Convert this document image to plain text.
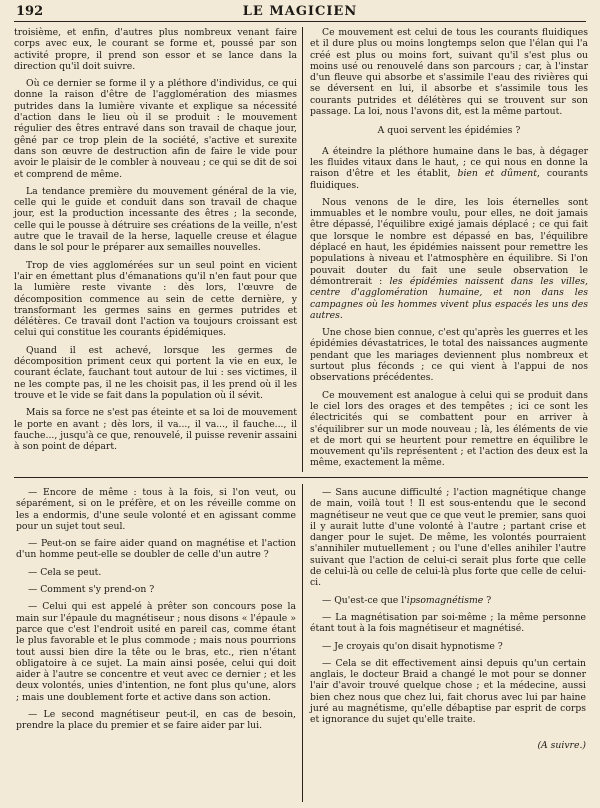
192	LE MAGICIEN

troisième, et enfin, d'autres plus nombreux venant faire corps avec eux, le courant se forme et, poussé par son activité propre, il prend son essor et se lance dans la direction qu'il doit suivre.

Où ce dernier se forme il y a pléthore d'individus, ce qui donne la raison d'être de l'agglomération des miasmes putrides dans la lumière vivante et explique sa nécessité d'action dans le lieu où il se produit : le mouvement régulier des êtres entravé dans son travail de chaque jour, gêné par ce trop plein de la société, s'active et surexite dans son œuvre de destruction afin de faire le vide pour avoir le plaisir de le combler à nouveau ; ce qui se dit de soi et comprend de même.

La tendance première du mouvement général de la vie, celle qui le guide et conduit dans son travail de chaque jour, est la production incessante des êtres ; la seconde, celle qui le pousse à détruire ses créations de la veille, n'est autre que le travail de la herse, laquelle creuse et élague dans le sol pour le préparer aux semailles nouvelles.

Trop de vies agglomérées sur un seul point en vicient l'air en émettant plus d'émanations qu'il n'en faut pour que la lumière reste vivante : dès lors, l'œuvre de décomposition commence au sein de cette dernière, y transformant les germes sains en germes putrides et délétères. Ce travail dont l'action va toujours croissant est celui qui constitue les courants épidémiques.

Quand il est achevé, lorsque les germes de décomposition priment ceux qui portent la vie en eux, le courant éclate, fauchant tout autour de lui : ses victimes, il ne les compte pas, il ne les choisit pas, il les prend où il les trouve et le vide se fait dans la population où il sévit.

Mais sa force ne s'est pas éteinte et sa loi de mouvement le porte en avant ; dès lors, il va..., il va..., il fauche..., il fauche..., jusqu'à ce que, renouvelé, il puisse revenir assaini à son point de départ.

Ce mouvement est celui de tous les courants fluidiques et il dure plus ou moins longtemps selon que l'élan qui l'a créé est plus ou moins fort, suivant qu'il s'est plus ou moins usé ou renouvelé dans son parcours ; car, à l'instar d'un fleuve qui absorbe et s'assimile l'eau des rivières qui se déversent en lui, il absorbe et s'assimile tous les courants putrides et délétères qui se trouvent sur son passage. La loi, nous l'avons dit, est la même partout.

A quoi servent les épidémies ?

A éteindre la pléthore humaine dans le bas, à dégager les fluides vitaux dans le haut, ; ce qui nous en donne la raison d'être et les établit, bien et dûment, courants fluidiques.

Nous venons de le dire, les lois éternelles sont immuables et le nombre voulu, pour elles, ne doit jamais être dépassé, l'équilibre exigé jamais déplacé ; ce qui fait que lorsque le nombre est dépassé en bas, l'équilibre déplacé en haut, les épidémies naissent pour remettre les populations à niveau et l'atmosphère en équilibre. Si l'on pouvait douter du fait une seule observation le démontrerait : les épidémies naissent dans les villes, centre d'agglomération humaine, et non dans les campagnes où les hommes vivent plus espacés les uns des autres.

Une chose bien connue, c'est qu'après les guerres et les épidémies dévastatrices, le total des naissances augmente pendant que les mariages deviennent plus nombreux et surtout plus féconds ; ce qui vient à l'appui de nos observations précédentes.

Ce mouvement est analogue à celui qui se produit dans le ciel lors des orages et des tempêtes ; ici ce sont les électricités qui se combattent pour en arriver à s'équilibrer sur un mode nouveau ; là, les éléments de vie et de mort qui se heurtent pour remettre en équilibre le mouvement qu'ils représentent ; et l'action des deux est la même, exactement la même.

— Encore de même : tous à la fois, si l'on veut, ou séparément, si on le préfère, et on les réveille comme on les a endormis, d'une seule volonté et en agissant comme pour un sujet tout seul.

— Peut-on se faire aider quand on magnétise et l'action d'un homme peut-elle se doubler de celle d'un autre ?

— Cela se peut.

— Comment s'y prend-on ?

— Celui qui est appelé à prêter son concours pose la main sur l'épaule du magnétiseur ; nous disons « l'épaule » parce que c'est l'endroit usité en pareil cas, comme étant le plus favorable et le plus commode ; mais nous pourrions tout aussi bien dire la tête ou le bras, etc., rien n'étant obligatoire à ce sujet. La main ainsi posée, celui qui doit aider à l'autre se concentre et veut avec ce dernier ; et les deux volontés, unies d'intention, ne font plus qu'une, alors ; mais une doublement forte et active dans son action.

— Le second magnétiseur peut-il, en cas de besoin, prendre la place du premier et se faire aider par lui.

— Sans aucune difficulté ; l'action magnétique change de main, voilà tout ! Il est sous-entendu que le second magnétiseur ne veut que ce que veut le premier, sans quoi il y aurait lutte d'une volonté à l'autre ; partant crise et danger pour le sujet. De même, les volontés pourraient s'annihiler mutuellement ; ou l'une d'elles anihiler l'autre suivant que l'action de celui-ci serait plus forte que celle de celui-là ou celle de celui-là plus forte que celle de celui-ci.

— Qu'est-ce que l'ipsomagnétisme ?

— La magnétisation par soi-même ; la même personne étant tout à la fois magnétiseur et magnétisé.

— Je croyais qu'on disait hypnotisme ?

— Cela se dit effectivement ainsi depuis qu'un certain anglais, le docteur Braid a changé le mot pour se donner l'air d'avoir trouvé quelque chose ; et la médecine, aussi bien chez nous que chez lui, fait chorus avec lui par haine juré au magnétisme, qu'elle débaptise par esprit de corps et ignorance du sujet qu'elle traite.

(A suivre.)
